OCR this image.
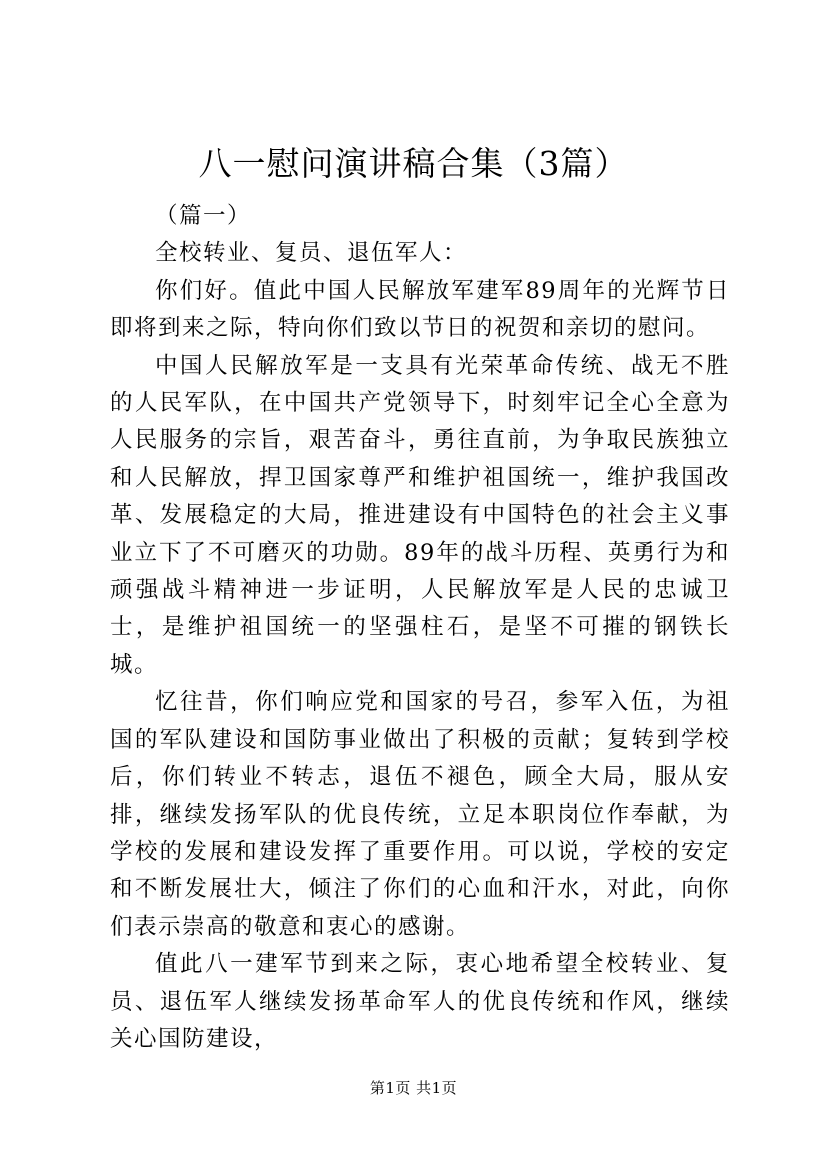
八一慰问演讲稿合集（3篇）

（篇一）

全校转业、复员、退伍军人：

你们好。值此中国人民解放军建军89周年的光辉节日即将到来之际，特向你们致以节日的祝贺和亲切的慰问。

中国人民解放军是一支具有光荣革命传统、战无不胜的人民军队，在中国共产党领导下，时刻牢记全心全意为人民服务的宗旨，艰苦奋斗，勇往直前，为争取民族独立和人民解放，捍卫国家尊严和维护祖国统一，维护我国改革、发展稳定的大局，推进建设有中国特色的社会主义事业立下了不可磨灭的功勋。89年的战斗历程、英勇行为和顽强战斗精神进一步证明，人民解放军是人民的忠诚卫士，是维护祖国统一的坚强柱石，是坚不可摧的钢铁长城。

忆往昔，你们响应党和国家的号召，参军入伍，为祖国的军队建设和国防事业做出了积极的贡献；复转到学校后，你们转业不转志，退伍不褪色，顾全大局，服从安排，继续发扬军队的优良传统，立足本职岗位作奉献，为学校的发展和建设发挥了重要作用。可以说，学校的安定和不断发展壮大，倾注了你们的心血和汗水，对此，向你们表示崇高的敬意和衷心的感谢。

值此八一建军节到来之际，衷心地希望全校转业、复员、退伍军人继续发扬革命军人的优良传统和作风，继续关心国防建设，

第1页 共1页
